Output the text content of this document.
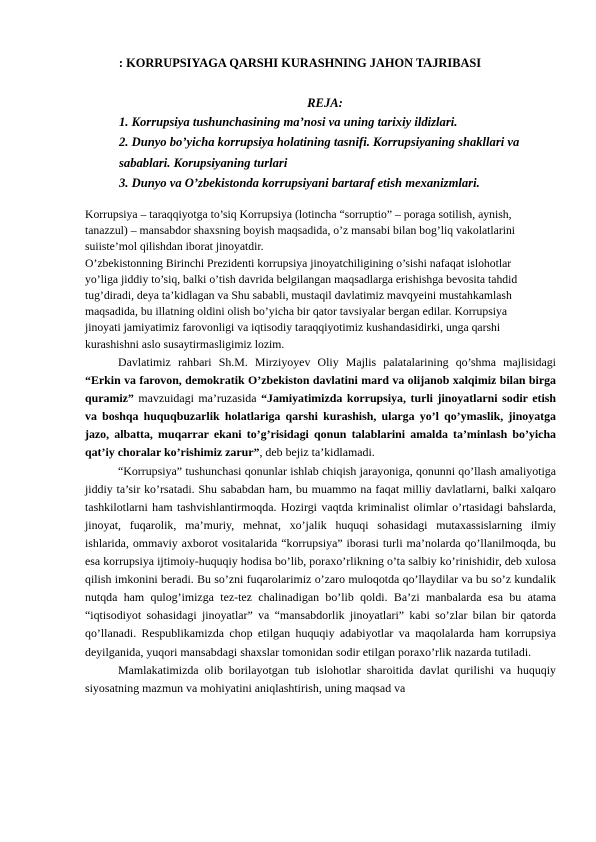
: KORRUPSIYAGA QARSHI KURASHNING JAHON TAJRIBASI
REJA:
1. Korrupsiya tushunchasining ma’nosi va uning tarixiy ildizlari.
2. Dunyo bo’yicha korrupsiya holatining tasnifi. Korrupsiyaning shakllari va sabablari. Korupsiyaning turlari
3. Dunyo va O’zbekistonda korrupsiyani bartaraf etish mexanizmlari.

Korrupsiya – taraqqiyotga to’siq Korrupsiya (lotincha “sorruptio” – poraga sotilish, aynish, tanazzul) – mansabdor shaxsning boyish maqsadida, o’z mansabi bilan bog’liq vakolatlarini suiiste’mol qilishdan iborat jinoyatdir.

O’zbekistonning Birinchi Prezidenti korrupsiya jinoyatchiligining o’sishi nafaqat islohotlar yo’liga jiddiy to’siq, balki o’tish davrida belgilangan maqsadlarga erishishga bevosita tahdid tug’diradi, deya ta’kidlagan va Shu sababli, mustaqil davlatimiz mavqyeini mustahkamlash maqsadida, bu illatning oldini olish bo’yicha bir qator tavsiyalar bergan edilar. Korrupsiya jinoyati jamiyatimiz farovonligi va iqtisodiy taraqqiyotimiz kushandasidirki, unga qarshi kurashishni aslo susaytirmasligimiz lozim.

Davlatimiz rahbari Sh.M. Mirziyoyev Oliy Majlis palatalarining qo’shma majlisidagi “Erkin va farovon, demokratik O’zbekiston davlatini mard va olijanob xalqimiz bilan birga quramiz” mavzuidagi ma’ruzasida “Jamiyatimizda korrupsiya, turli jinoyatlarni sodir etish va boshqa huquqbuzarlik holatlariga qarshi kurashish, ularga yo’l qo’ymaslik, jinoyatga jazo, albatta, muqarrar ekani to’g’risidagi qonun talablarini amalda ta’minlash bo’yicha qat’iy choralar ko’rishimiz zarur”, deb bejiz ta’kidlamadi.

“Korrupsiya” tushunchasi qonunlar ishlab chiqish jarayoniga, qonunni qo’llash amaliyotiga jiddiy ta’sir ko’rsatadi. Shu sababdan ham, bu muammo na faqat milliy davlatlarni, balki xalqaro tashkilotlarni ham tashvishlantirmoqda. Hozirgi vaqtda kriminalist olimlar o’rtasidagi bahslarda, jinoyat, fuqarolik, ma’muriy, mehnat, xo’jalik huquqi sohasidagi mutaxassislarning ilmiy ishlarida, ommaviy axborot vositalarida “korrupsiya” iborasi turli ma’nolarda qo’llanilmoqda, bu esa korrupsiya ijtimoiy-huquqiy hodisa bo’lib, poraxo’rlikning o’ta salbiy ko’rinishidir, deb xulosa qilish imkonini beradi. Bu so’zni fuqarolarimiz o’zaro muloqotda qo’llaydilar va bu so’z kundalik nutqda ham qulog’imizga tez-tez chalinadigan bo’lib qoldi. Ba’zi manbalarda esa bu atama “iqtisodiyot sohasidagi jinoyatlar” va “mansabdorlik jinoyatlari” kabi so’zlar bilan bir qatorda qo’llanadi. Respublikamizda chop etilgan huquqiy adabiyotlar va maqolalarda ham korrupsiya deyilganida, yuqori mansabdagi shaxslar tomonidan sodir etilgan poraxo’rlik nazarda tutiladi.

Mamlakatimizda olib borilayotgan tub islohotlar sharoitida davlat qurilishi va huquqiy siyosatning mazmun va mohiyatini aniqlashtirish, uning maqsad va
